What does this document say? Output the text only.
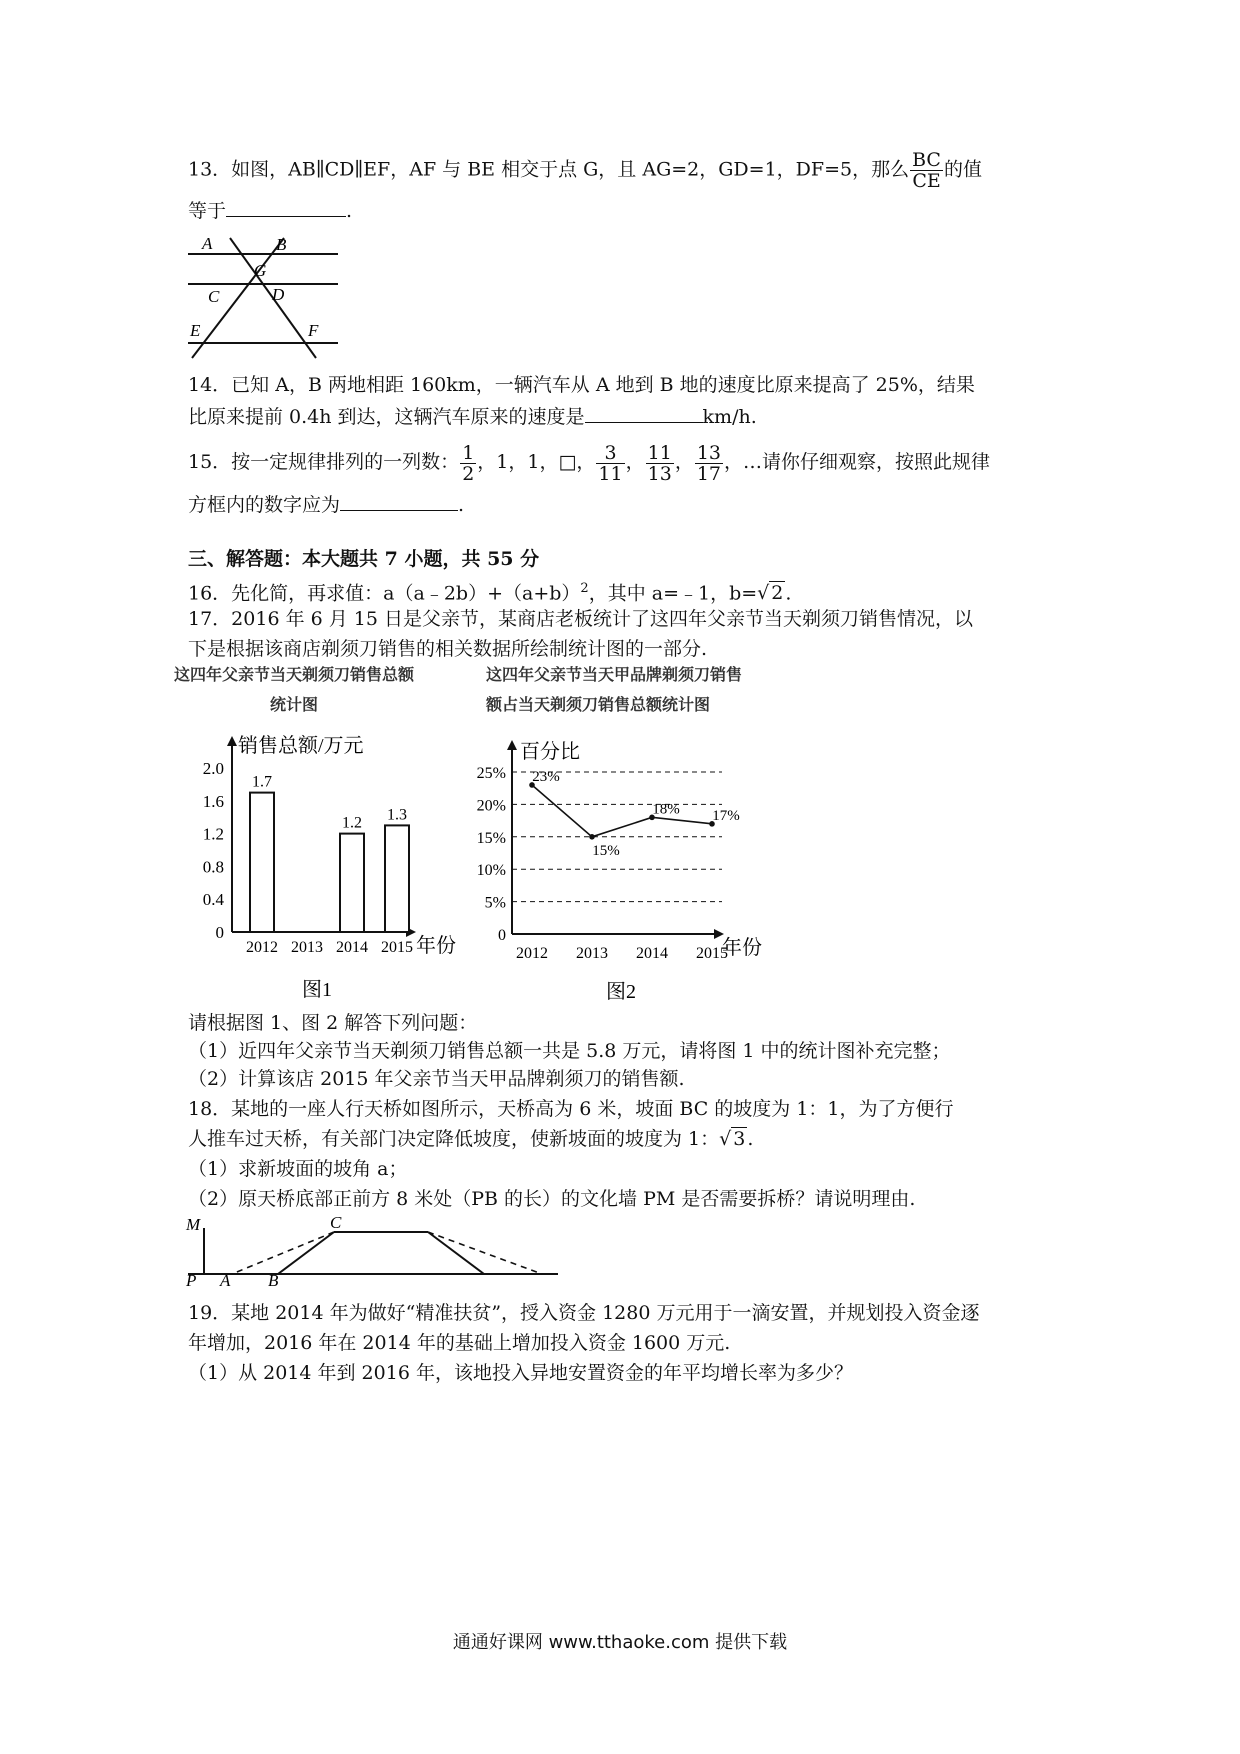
13．如图，AB∥CD∥EF，AF 与 BE 相交于点 G，且 AG=2，GD=1，DF=5，那么 $\frac{BC}{CE}$ 的值
等于	.
A	B
G
C	D
E	F
14．已知 A，B 两地相距 160km，一辆汽车从 A 地到 B 地的速度比原来提高了 25%，结果
比原来提前 0.4h 到达，这辆汽车原来的速度是	km/h.
15．按一定规律排列的一列数： $\frac{1}{2}$ ，1，1，□， $\frac{3}{11}$ ， $\frac{11}{13}$ ， $\frac{13}{17}$ ，…请你仔细观察，按照此规律
方框内的数字应为	.
三、解答题：本大题共 7 小题，共 55 分
16．先化简，再求值：$a(a﹣2b)+(a+b)^2$，其中 a=﹣1，b=√ 2 .
17．2016 年 6 月 15 日是父亲节，某商店老板统计了这四年父亲节当天剃须刀销售情况，以
下是根据该商店剃须刀销售的相关数据所绘制统计图的一部分.
这四年父亲节当天剃须刀销售总额
统计图
销售总额/万元
年份
图1
0
0.4
0.8
1.2
1.6
2.0
2012 2013 2014 2015
1.7
1.2 1.3
这四年父亲节当天甲品牌剃须刀销售
额占当天剃须刀销售总额统计图
百分比
年份
图2
0
5%
10%
15%
20%
25%
2012 2013 2014 2015
23%
15%
18% 17%
请根据图 1、图 2 解答下列问题：
（1）近四年父亲节当天剃须刀销售总额一共是 5.8 万元，请将图 1 中的统计图补充完整；
（2）计算该店 2015 年父亲节当天甲品牌剃须刀的销售额.
18．某地的一座人行天桥如图所示，天桥高为 6 米，坡面 BC 的坡度为 1：1，为了方便行
人推车过天桥，有关部门决定降低坡度，使新坡面的坡度为 1：√ 3 .
（1）求新坡面的坡角 a；
（2）原天桥底部正前方 8 米处（PB 的长）的文化墙 PM 是否需要拆桥？请说明理由.
M	C
P A B
19．某地 2014 年为做好“精准扶贫”，授入资金 1280 万元用于一滴安置，并规划投入资金逐
年增加，2016 年在 2014 年的基础上增加投入资金 1600 万元.
（1）从 2014 年到 2016 年，该地投入异地安置资金的年平均增长率为多少？
通通好课网 www.tthaoke.com 提供下载
